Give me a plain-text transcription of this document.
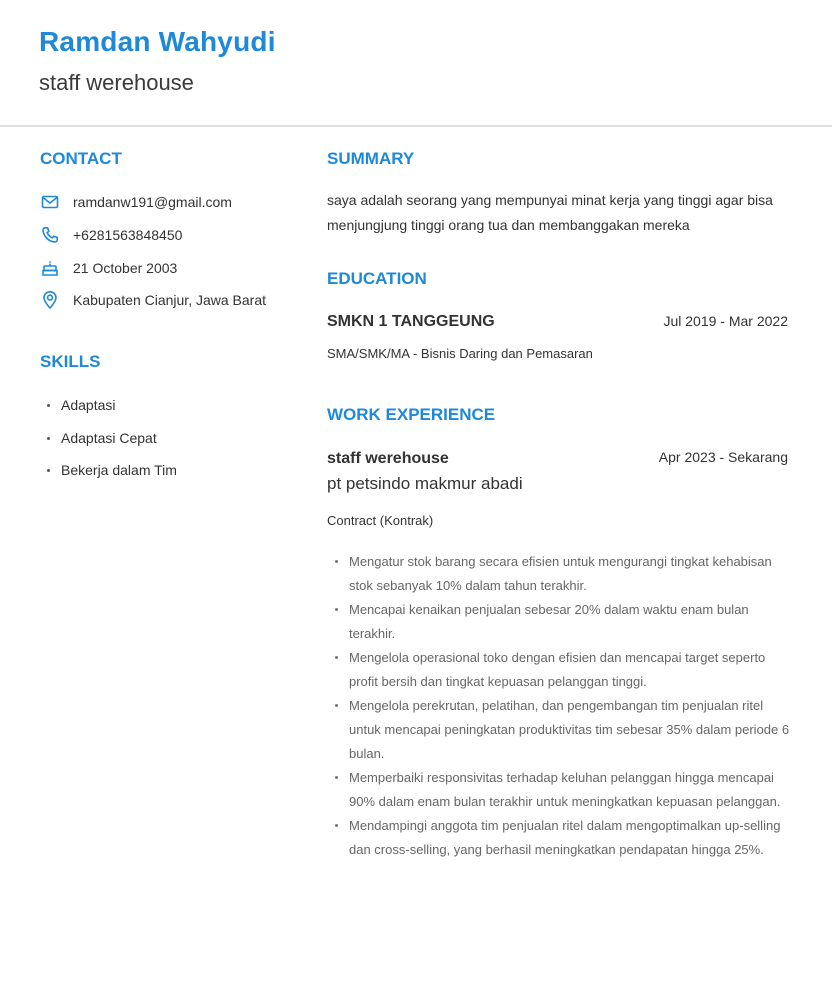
Ramdan Wahyudi
staff werehouse
CONTACT
ramdanw191@gmail.com
+6281563848450
21 October 2003
Kabupaten Cianjur, Jawa Barat
SKILLS
Adaptasi
Adaptasi Cepat
Bekerja dalam Tim
SUMMARY
saya adalah seorang yang mempunyai minat kerja yang tinggi agar bisa menjungjung tinggi orang tua dan membanggakan mereka
EDUCATION
SMKN 1 TANGGEUNG	Jul 2019 - Mar 2022
SMA/SMK/MA - Bisnis Daring dan Pemasaran
WORK EXPERIENCE
staff werehouse	Apr 2023 - Sekarang
pt petsindo makmur abadi
Contract (Kontrak)
Mengatur stok barang secara efisien untuk mengurangi tingkat kehabisan stok sebanyak 10% dalam tahun terakhir.
Mencapai kenaikan penjualan sebesar 20% dalam waktu enam bulan terakhir.
Mengelola operasional toko dengan efisien dan mencapai target seperto profit bersih dan tingkat kepuasan pelanggan tinggi.
Mengelola perekrutan, pelatihan, dan pengembangan tim penjualan ritel untuk mencapai peningkatan produktivitas tim sebesar 35% dalam periode 6 bulan.
Memperbaiki responsivitas terhadap keluhan pelanggan hingga mencapai 90% dalam enam bulan terakhir untuk meningkatkan kepuasan pelanggan.
Mendampingi anggota tim penjualan ritel dalam mengoptimalkan up-selling dan cross-selling, yang berhasil meningkatkan pendapatan hingga 25%.
